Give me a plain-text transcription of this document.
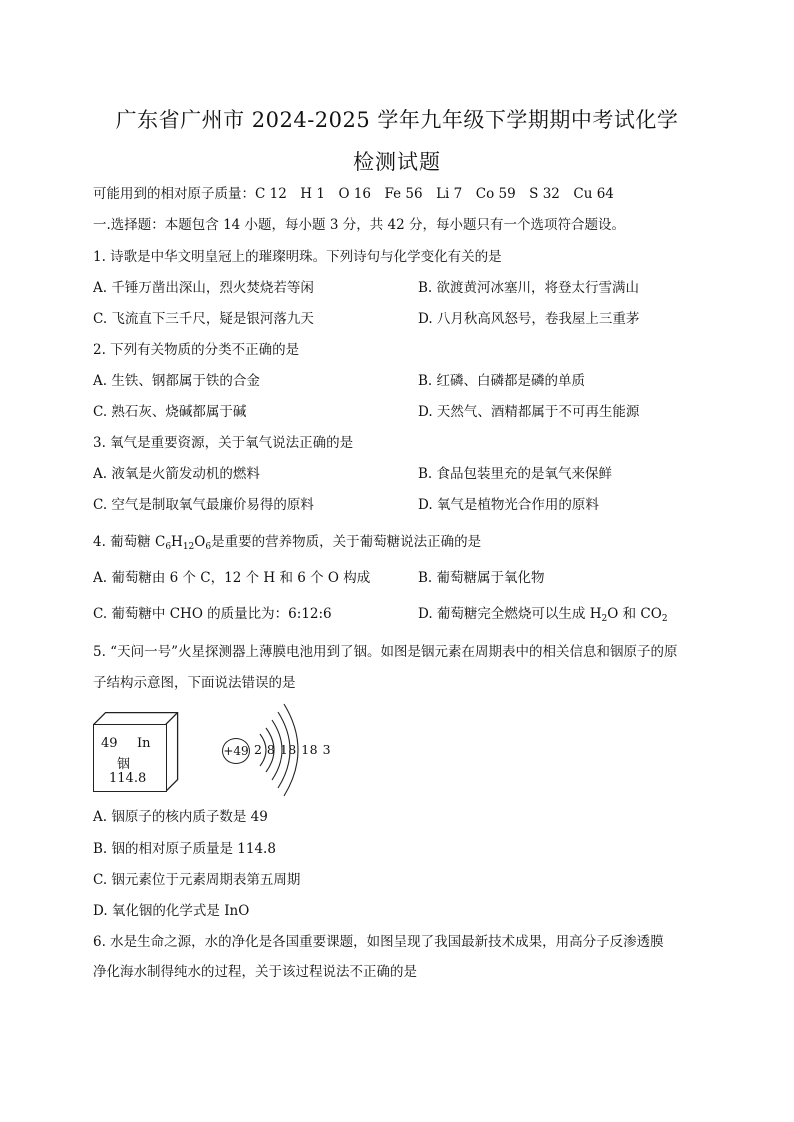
广东省广州市 2024-2025 学年九年级下学期期中考试化学
检测试题
可能用到的相对原子质量：C 12　H 1　O 16　Fe 56　Li 7　Co 59　S 32　Cu 64
一.选择题：本题包含 14 小题，每小题 3 分，共 42 分，每小题只有一个选项符合题设。
1. 诗歌是中华文明皇冠上的璀璨明珠。下列诗句与化学变化有关的是
A. 千锤万凿出深山，烈火焚烧若等闲	B. 欲渡黄河冰塞川，将登太行雪满山
C. 飞流直下三千尺，疑是银河落九天	D. 八月秋高风怒号，卷我屋上三重茅
2. 下列有关物质的分类不正确的是
A. 生铁、钢都属于铁的合金	B. 红磷、白磷都是磷的单质
C. 熟石灰、烧碱都属于碱	D. 天然气、酒精都属于不可再生能源
3. 氧气是重要资源，关于氧气说法正确的是
A. 液氧是火箭发动机的燃料	B. 食品包装里充的是氧气来保鲜
C. 空气是制取氧气最廉价易得的原料	D. 氧气是植物光合作用的原料
4. 葡萄糖 $C_6H_{12}O_6$是重要的营养物质，关于葡萄糖说法正确的是
A. 葡萄糖由 6 个 C，12 个 H 和 6 个 O 构成	B. 葡萄糖属于氧化物
C. 葡萄糖中 CHO 的质量比为：6:12:6	D. 葡萄糖完全燃烧可以生成 $H_2O$ 和 $CO_2$
5. “天问一号”火星探测器上薄膜电池用到了铟。如图是铟元素在周期表中的相关信息和铟原子的原
子结构示意图，下面说法错误的是
49 In
铟
114.8
+49 2 8 18 18 3
A. 铟原子的核内质子数是 49
B. 铟的相对原子质量是 114.8
C. 铟元素位于元素周期表第五周期
D. 氧化铟的化学式是 InO
6. 水是生命之源，水的净化是各国重要课题，如图呈现了我国最新技术成果，用高分子反渗透膜
净化海水制得纯水的过程，关于该过程说法不正确的是
